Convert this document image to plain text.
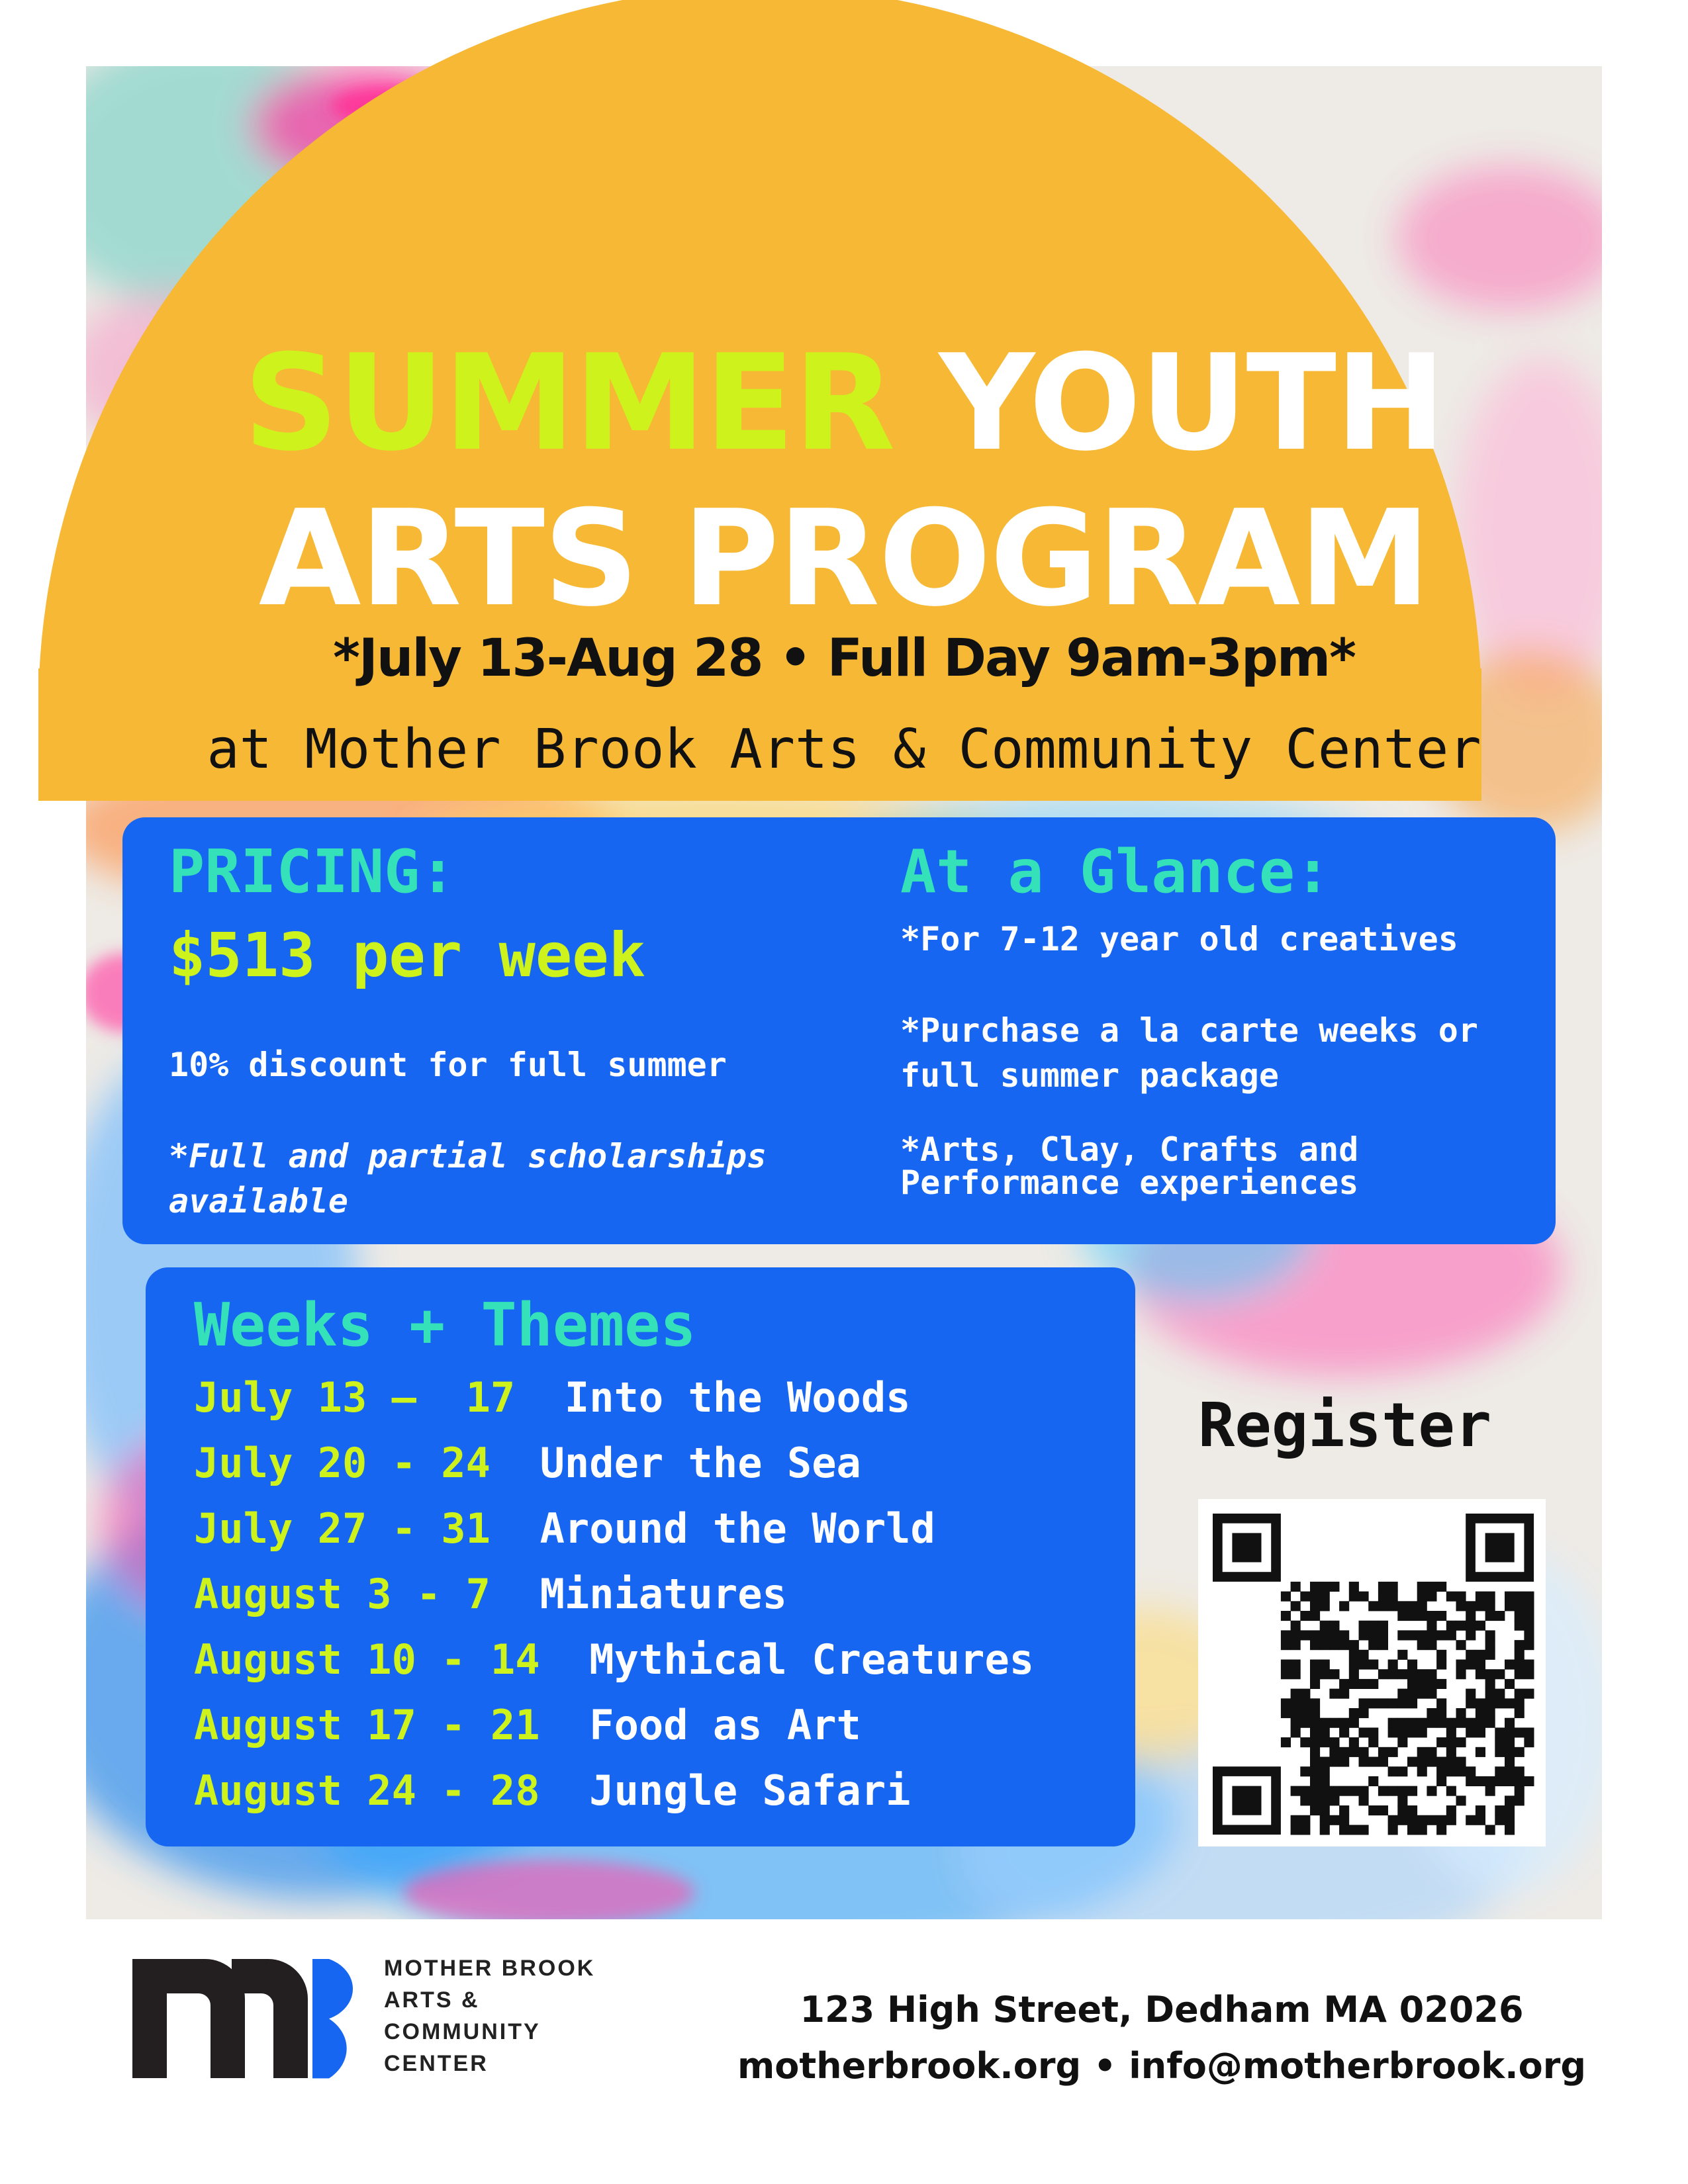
SUMMER YOUTH
ARTS PROGRAM
*July 13-Aug 28 • Full Day 9am-3pm*
at Mother Brook Arts & Community Center
PRICING:
$513 per week
10% discount for full summer
*Full and partial scholarships
available
At a Glance:
*For 7-12 year old creatives
*Purchase a la carte weeks or
full summer package
*Arts, Clay, Crafts and
Performance experiences
Weeks + Themes
July 13 –  17 Into the Woods
July 20 - 24 Under the Sea
July 27 - 31 Around the World
August 3 - 7 Miniatures
August 10 - 14 Mythical Creatures
August 17 - 21 Food as Art
August 24 - 28 Jungle Safari
Register
MOTHER BROOK
ARTS &
COMMUNITY
CENTER
123 High Street, Dedham MA 02026
motherbrook.org • info@motherbrook.org
